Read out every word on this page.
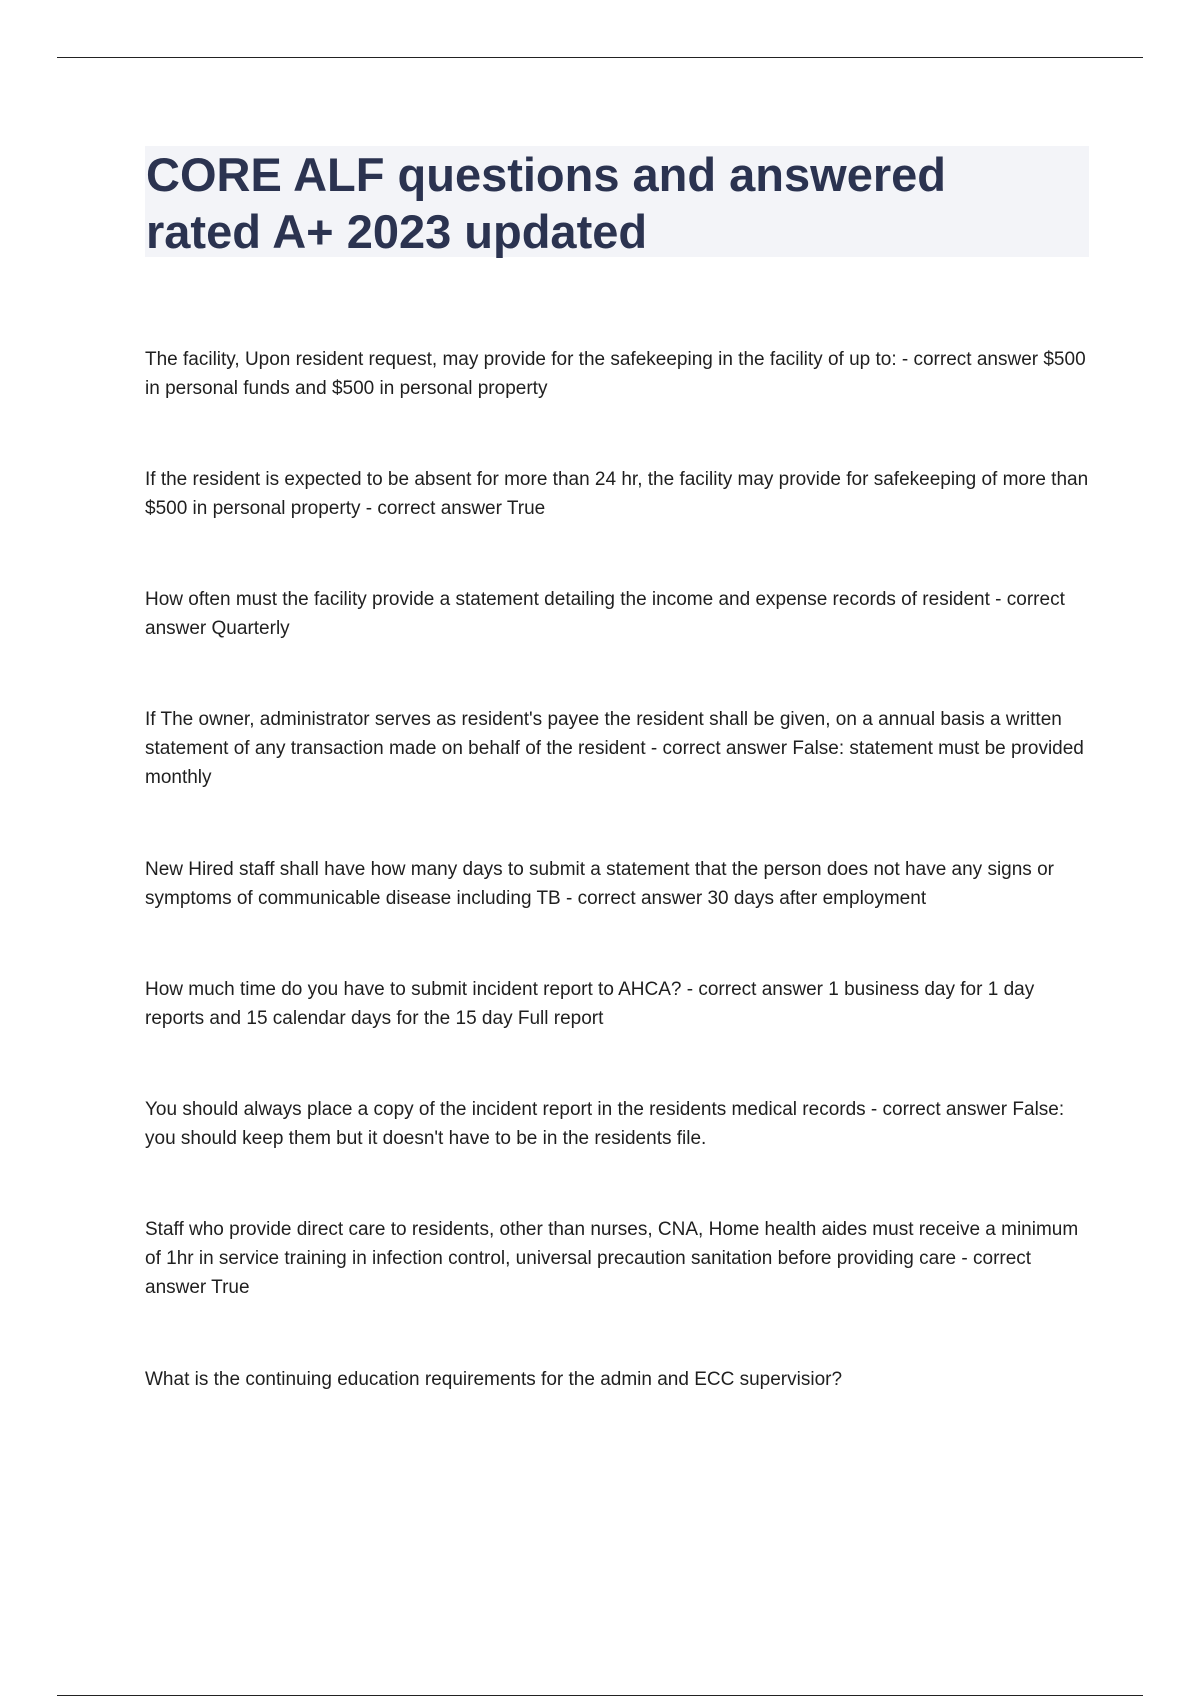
CORE ALF questions and answered
rated A+ 2023 updated
The facility, Upon resident request, may provide for the safekeeping in the facility of up to: - correct answer $500 in personal funds and $500 in personal property
If the resident is expected to be absent for more than 24 hr, the facility may provide for safekeeping of more than $500 in personal property - correct answer True
How often must the facility provide a statement detailing the income and expense records of resident - correct answer Quarterly
If The owner, administrator serves as resident's payee the resident shall be given, on a annual basis a written statement of any transaction made on behalf of the resident - correct answer False: statement must be provided monthly
New Hired staff shall have how many days to submit a statement that the person does not have any signs or symptoms of communicable disease including TB - correct answer 30 days after employment
How much time do you have to submit incident report to AHCA? - correct answer 1 business day for 1 day reports and 15 calendar days for the 15 day Full report
You should always place a copy of the incident report in the residents medical records - correct answer False: you should keep them but it doesn't have to be in the residents file.
Staff who provide direct care to residents, other than nurses, CNA, Home health aides must receive a minimum of 1hr in service training in infection control, universal precaution sanitation before providing care - correct answer True
What is the continuing education requirements for the admin and ECC supervisior?
